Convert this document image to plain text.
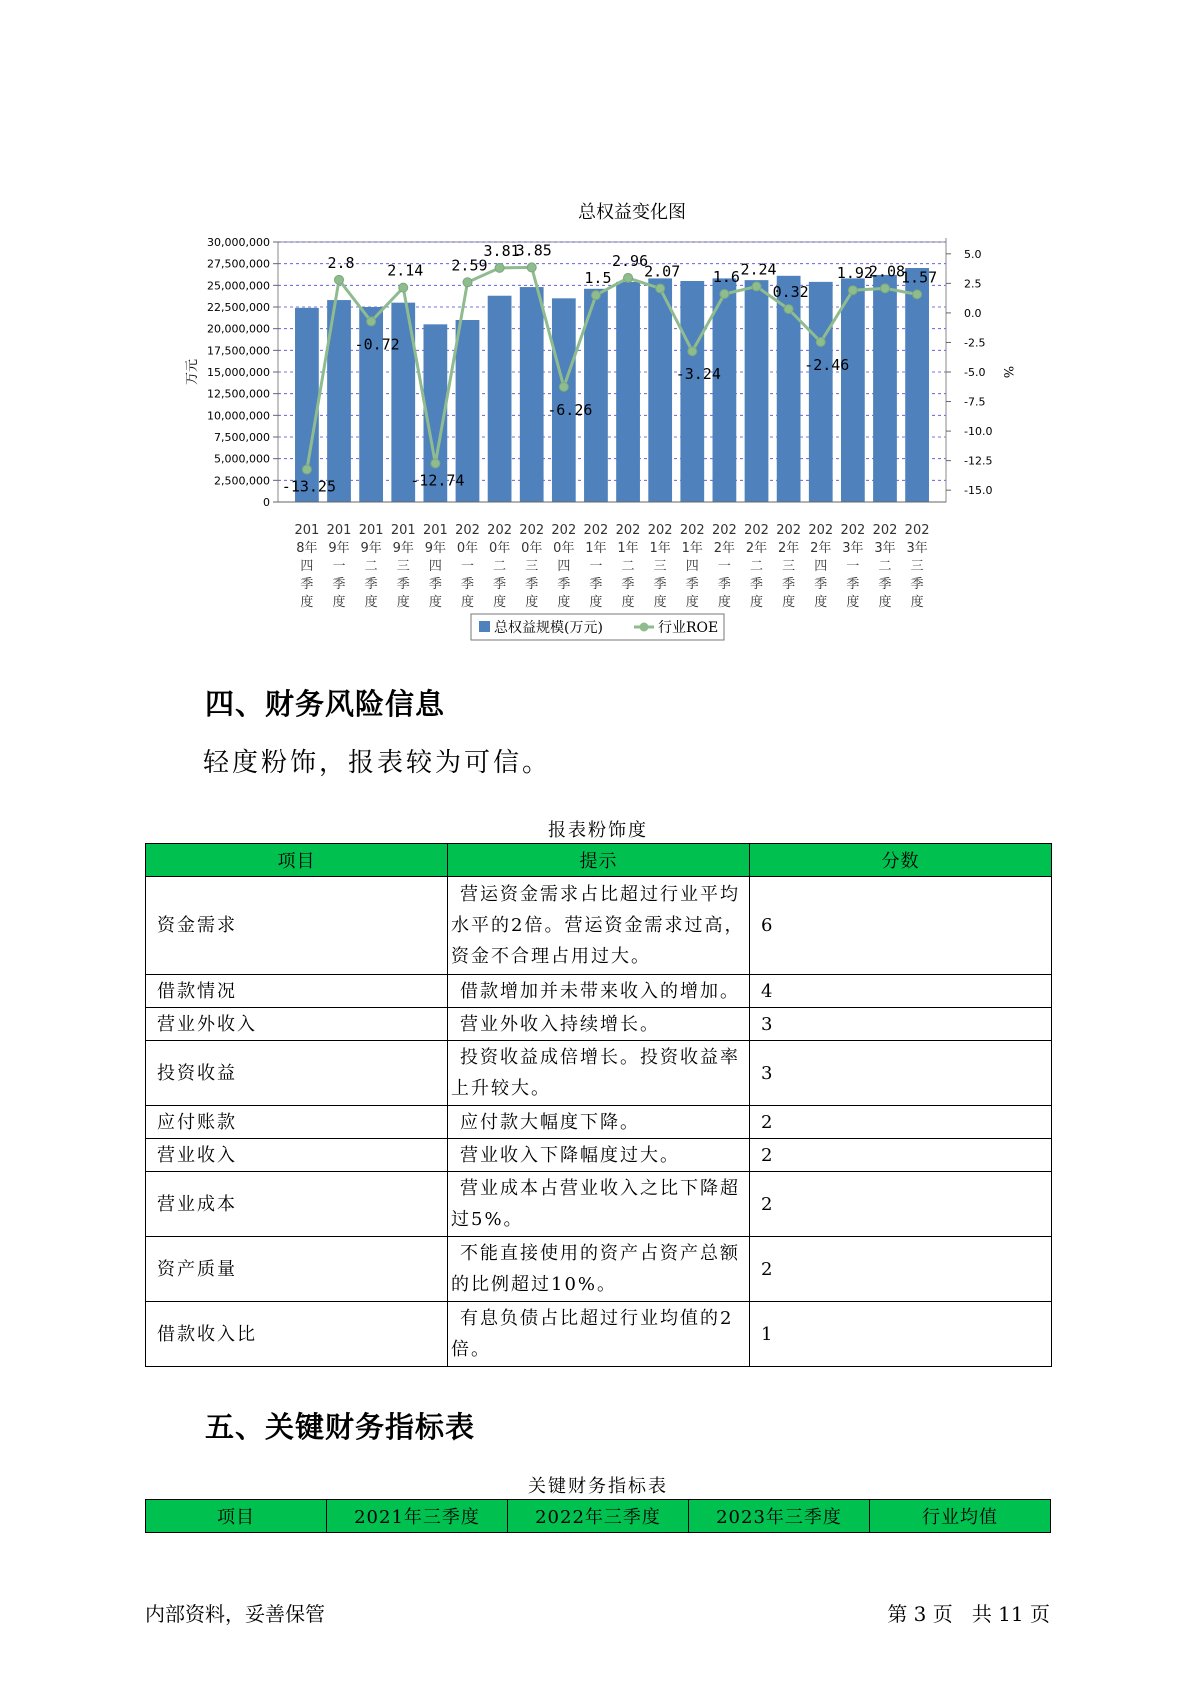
总权益变化图
30,000,000
27,500,000
25,000,000
22,500,000
20,000,000
17,500,000
15,000,000
12,500,000
10,000,000
7,500,000
5,000,000
2,500,000
0
5.0
2.5
0.0
-2.5
-5.0
-7.5
-10.0
-12.5
-15.0
万元	%
-13.25
2.8
-0.72
2.14
-12.74
2.59
3.81
3.85
-6.26
1.5
2.96
2.07
-3.24
1.6 2.24
0.32
-2.46
1.92
2.08
1.57
201
8年
四
季
度
201
9年
一
季
度
201
9年
二
季
度
201
9年
三
季
度
201
9年
四
季
度
202
0年
一
季
度
202
0年
二
季
度
202
0年
三
季
度
202
0年
四
季
度
202
1年
一
季
度
202
1年
二
季
度
202
1年
三
季
度
202
1年
四
季
度
202
2年
一
季
度
202
2年
二
季
度
202
2年
三
季
度
202
2年
四
季
度
202
3年
一
季
度
202
3年
二
季
度
202
3年
三
季
度
总权益规模(万元)	行业ROE
四、财务风险信息

轻度粉饰，报表较为可信。

报表粉饰度
项目	提示	分数
资金需求	营运资金需求占比超过行业平均水平的2倍。营运资金需求过高，资金不合理占用过大。	6
借款情况	借款增加并未带来收入的增加。	4
营业外收入	营业外收入持续增长。	3
投资收益	投资收益成倍增长。投资收益率上升较大。	3
应付账款	应付款大幅度下降。	2
营业收入	营业收入下降幅度过大。	2
营业成本	营业成本占营业收入之比下降超过5%。	2
资产质量	不能直接使用的资产占资产总额的比例超过10%。	2
借款收入比	有息负债占比超过行业均值的2倍。	1
五、关键财务指标表
关键财务指标表
项目	2021年三季度	2022年三季度	2023年三季度	行业均值
内部资料，妥善保管	第 3 页   共 11 页
